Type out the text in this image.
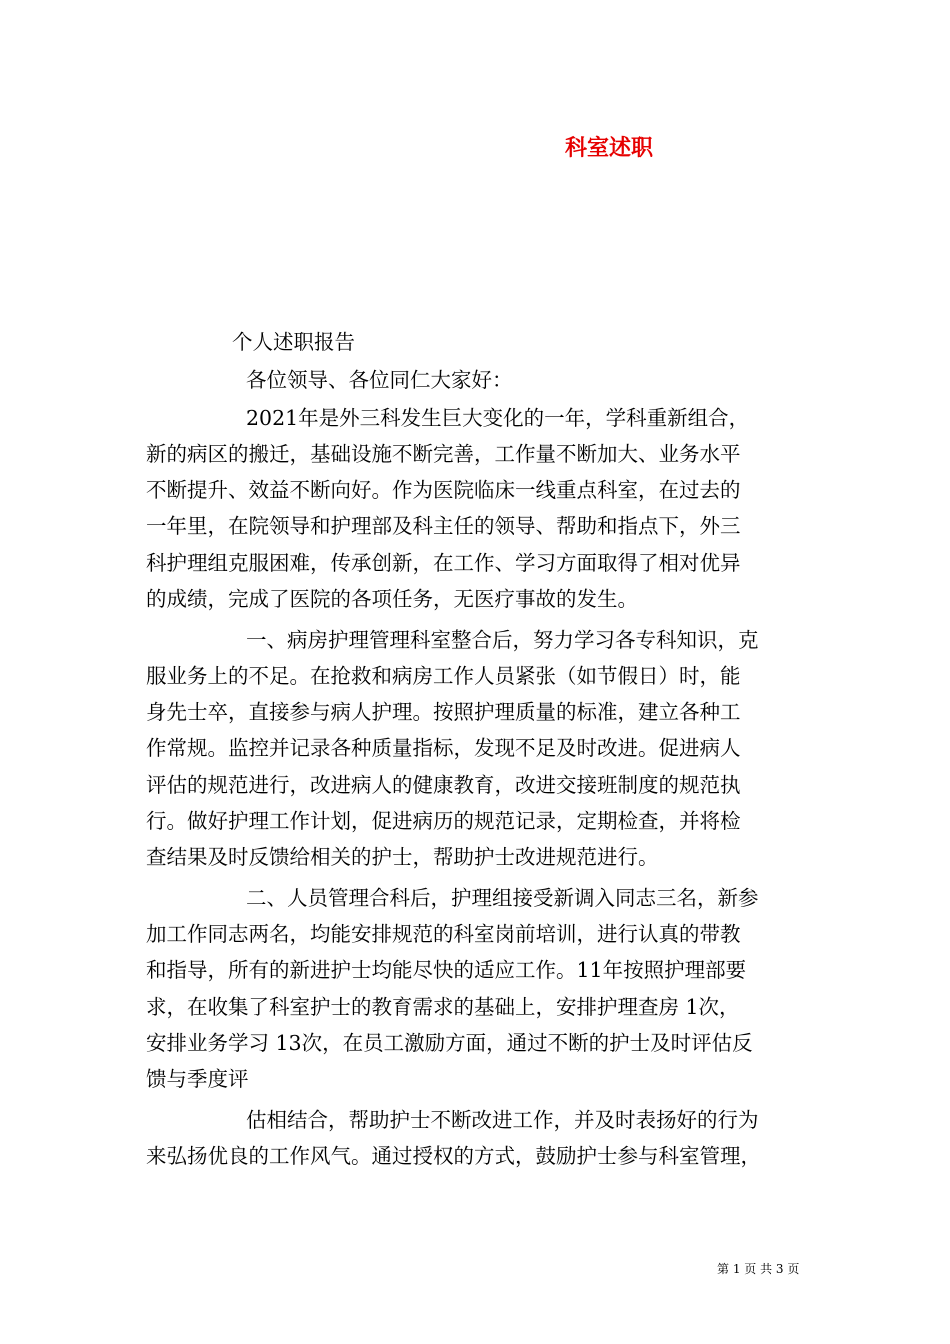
科室述职
个人述职报告
各位领导、各位同仁大家好：
2021年是外三科发生巨大变化的一年，学科重新组合，
新的病区的搬迁，基础设施不断完善，工作量不断加大、业务水平
不断提升、效益不断向好。作为医院临床一线重点科室，在过去的
一年里，在院领导和护理部及科主任的领导、帮助和指点下，外三
科护理组克服困难，传承创新，在工作、学习方面取得了相对优异
的成绩，完成了医院的各项任务，无医疗事故的发生。
一、病房护理管理科室整合后，努力学习各专科知识，克
服业务上的不足。在抢救和病房工作人员紧张（如节假日）时，能
身先士卒，直接参与病人护理。按照护理质量的标准，建立各种工
作常规。监控并记录各种质量指标，发现不足及时改进。促进病人
评估的规范进行，改进病人的健康教育，改进交接班制度的规范执
行。做好护理工作计划，促进病历的规范记录，定期检查，并将检
查结果及时反馈给相关的护士，帮助护士改进规范进行。
二、人员管理合科后，护理组接受新调入同志三名，新参
加工作同志两名，均能安排规范的科室岗前培训，进行认真的带教
和指导，所有的新进护士均能尽快的适应工作。11年按照护理部要
求，在收集了科室护士的教育需求的基础上，安排护理查房 1次，
安排业务学习 13次，在员工激励方面，通过不断的护士及时评估反
馈与季度评
估相结合，帮助护士不断改进工作，并及时表扬好的行为
来弘扬优良的工作风气。通过授权的方式，鼓励护士参与科室管理，
第 1 页 共 3 页
